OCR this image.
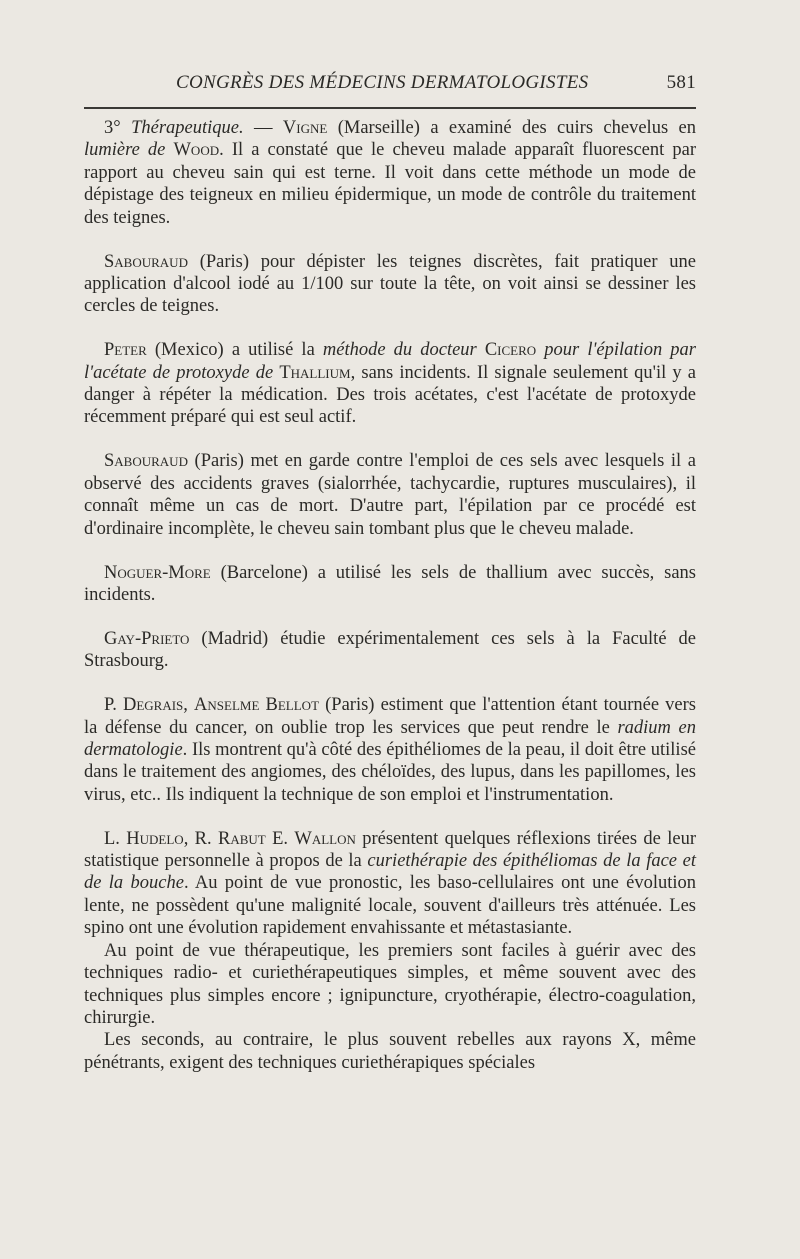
CONGRÈS DES MÉDECINS DERMATOLOGISTES	581

3° Thérapeutique. — Vigne (Marseille) a examiné des cuirs chevelus en lumière de Wood. Il a constaté que le cheveu malade apparaît fluorescent par rapport au cheveu sain qui est terne. Il voit dans cette méthode un mode de dépistage des teigneux en milieu épidermique, un mode de contrôle du traitement des teignes.

Sabouraud (Paris) pour dépister les teignes discrètes, fait pratiquer une application d'alcool iodé au 1/100 sur toute la tête, on voit ainsi se dessiner les cercles de teignes.

Peter (Mexico) a utilisé la méthode du docteur Cicero pour l'épilation par l'acétate de protoxyde de Thallium, sans incidents. Il signale seulement qu'il y a danger à répéter la médication. Des trois acétates, c'est l'acétate de protoxyde récemment préparé qui est seul actif.

Sabouraud (Paris) met en garde contre l'emploi de ces sels avec lesquels il a observé des accidents graves (sialorrhée, tachycardie, ruptures musculaires), il connaît même un cas de mort. D'autre part, l'épilation par ce procédé est d'ordinaire incomplète, le cheveu sain tombant plus que le cheveu malade.

Noguer-More (Barcelone) a utilisé les sels de thallium avec succès, sans incidents.

Gay-Prieto (Madrid) étudie expérimentalement ces sels à la Faculté de Strasbourg.

P. Degrais, Anselme Bellot (Paris) estiment que l'attention étant tournée vers la défense du cancer, on oublie trop les services que peut rendre le radium en dermatologie. Ils montrent qu'à côté des épithéliomes de la peau, il doit être utilisé dans le traitement des angiomes, des chéloïdes, des lupus, dans les papillomes, les virus, etc.. Ils indiquent la technique de son emploi et l'instrumentation.

L. Hudelo, R. Rabut E. Wallon présentent quelques réflexions tirées de leur statistique personnelle à propos de la curiethérapie des épithéliomas de la face et de la bouche. Au point de vue pronostic, les baso-cellulaires ont une évolution lente, ne possèdent qu'une malignité locale, souvent d'ailleurs très atténuée. Les spino ont une évolution rapidement envahissante et métastasiante.

Au point de vue thérapeutique, les premiers sont faciles à guérir avec des techniques radio- et curiethérapeutiques simples, et même souvent avec des techniques plus simples encore ; ignipuncture, cryothérapie, électro-coagulation, chirurgie.

Les seconds, au contraire, le plus souvent rebelles aux rayons X, même pénétrants, exigent des techniques curiethérapiques spéciales
